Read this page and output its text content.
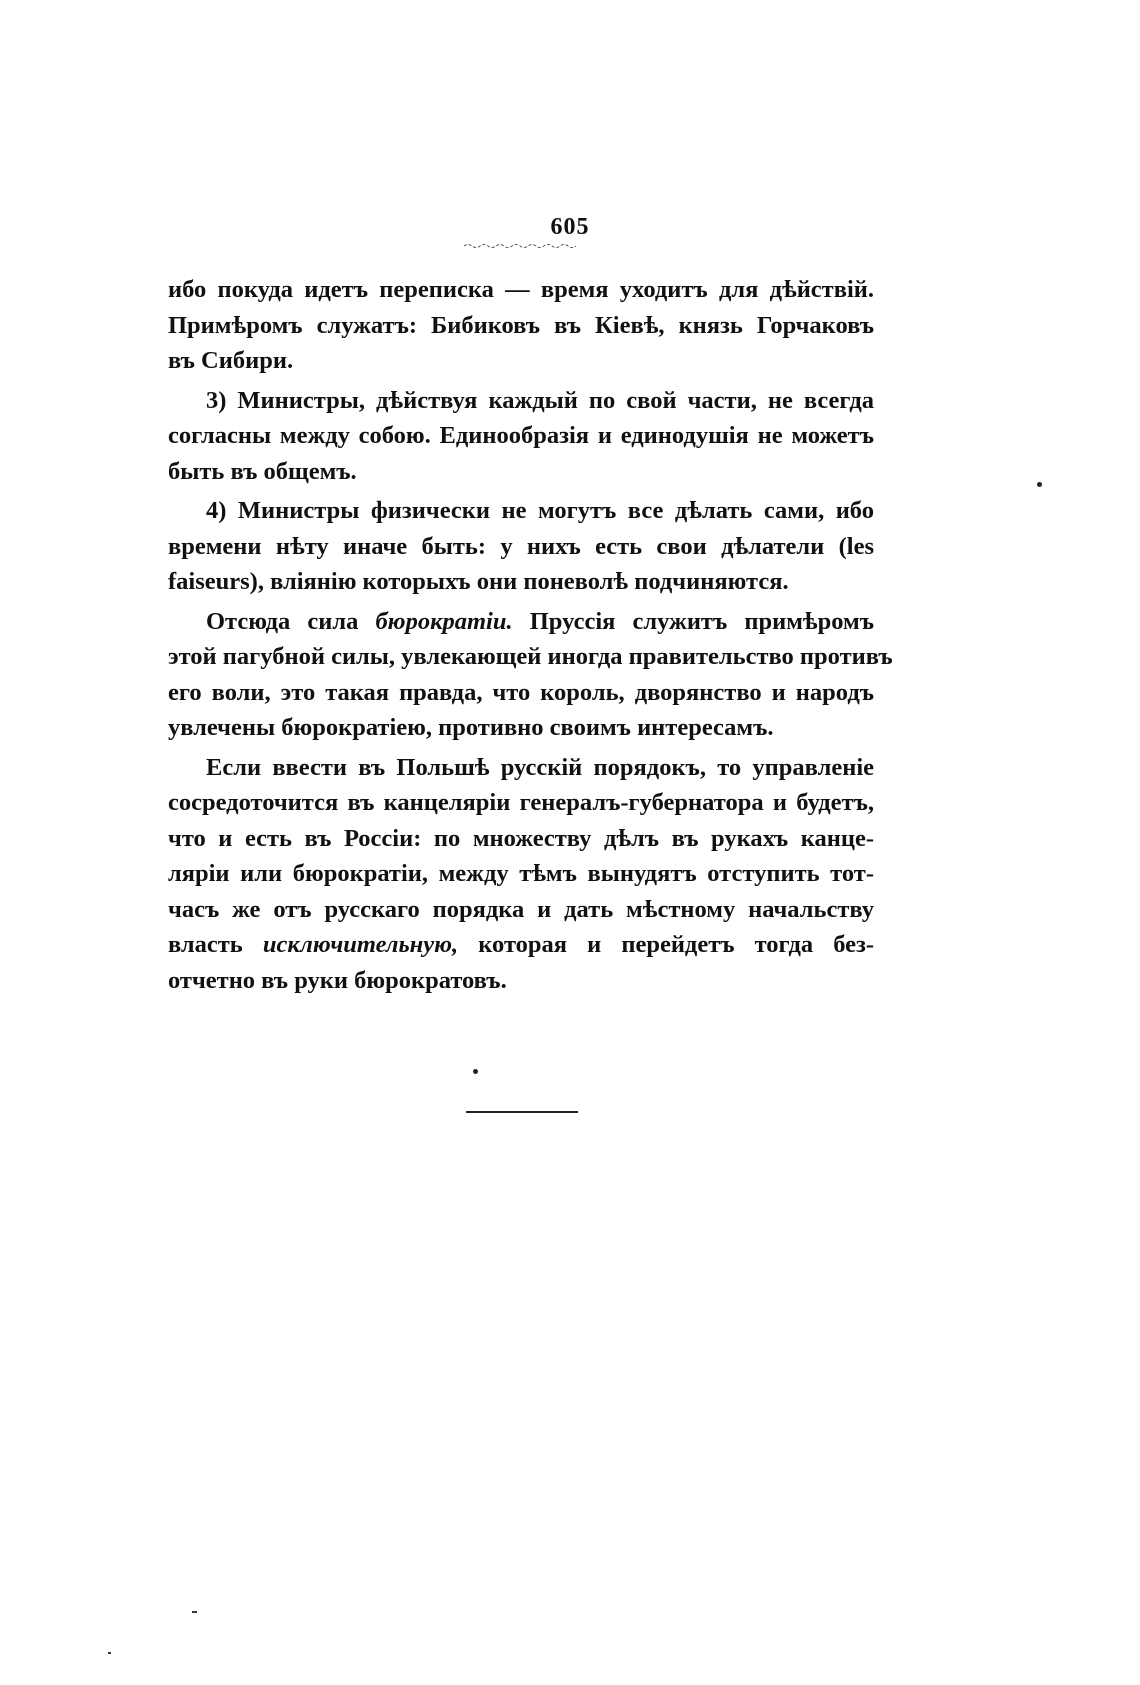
605
ибо покуда идетъ переписка — время уходитъ для дѣйствій.
Примѣромъ служатъ: Бибиковъ въ Кіевѣ, князь Горчаковъ
въ Сибири.
3) Министры, дѣйствуя каждый по свой части, не всегда
согласны между собою. Единообразія и единодушія не можетъ
быть въ общемъ.
4) Министры физически не могутъ все дѣлать сами, ибо
времени нѣту иначе быть: у нихъ есть свои дѣлатели (les
faiseurs), вліянію которыхъ они поневолѣ подчиняются.
Отсюда сила бюрократіи. Пруссія служитъ примѣромъ
этой пагубной силы, увлекающей иногда правительство противъ
его воли, это такая правда, что король, дворянство и народъ
увлечены бюрократіею, противно своимъ интересамъ.
Если ввести въ Польшѣ русскій порядокъ, то управленіе
сосредоточится въ канцеляріи генералъ-губернатора и будетъ,
что и есть въ Россіи: по множеству дѣлъ въ рукахъ канце-
ляріи или бюрократіи, между тѣмъ вынудятъ отступить тот-
часъ же отъ русскаго порядка и дать мѣстному начальству
власть исключительную, которая и перейдетъ тогда без-
отчетно въ руки бюрократовъ.
